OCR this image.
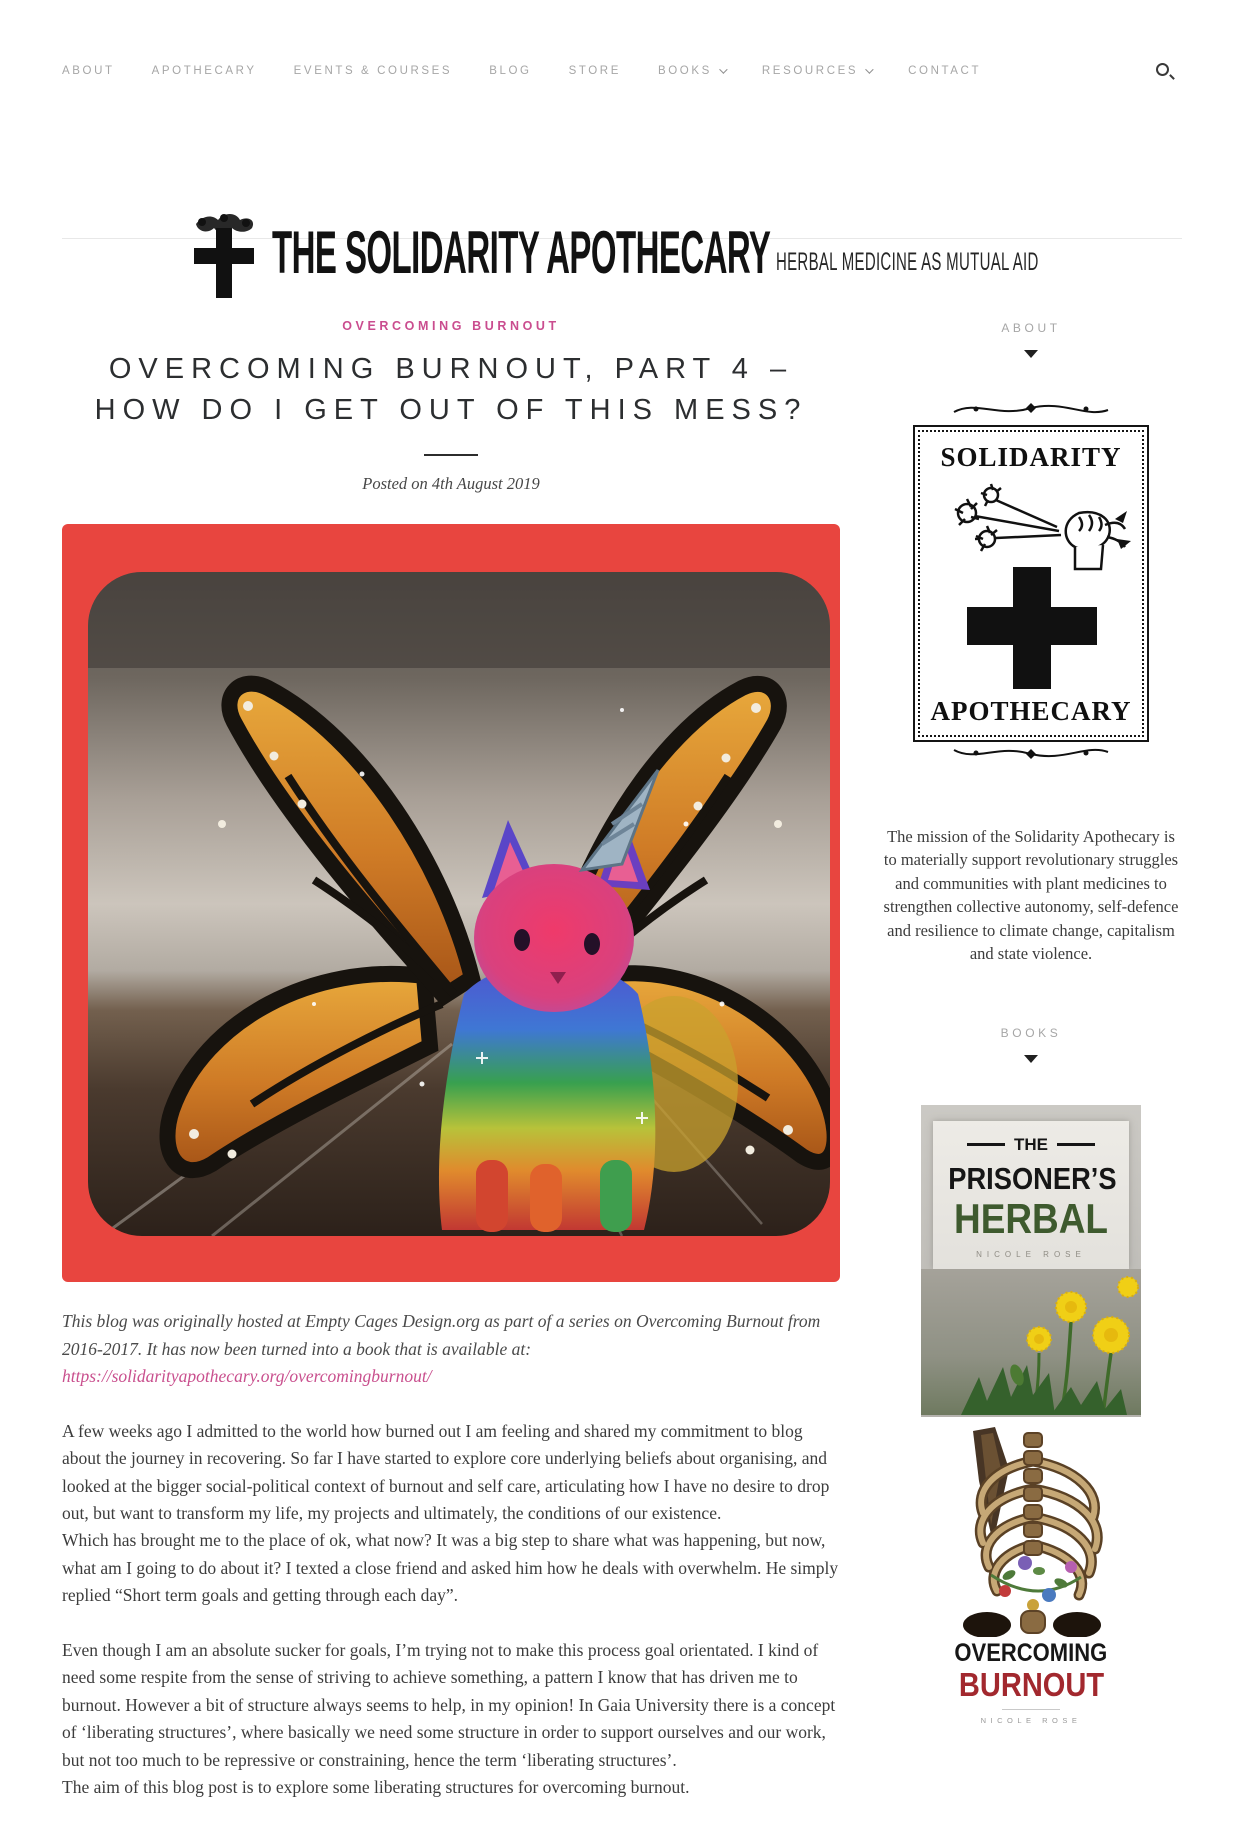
ABOUT	APOTHECARY	EVENTS & COURSES	BLOG	STORE	BOOKS	RESOURCES	CONTACT
THE SOLIDARITY APOTHECARY HERBAL MEDICINE AS MUTUAL AID
OVERCOMING BURNOUT
OVERCOMING BURNOUT, PART 4 –
HOW DO I GET OUT OF THIS MESS?
Posted on 4th August 2019

This blog was originally hosted at Empty Cages Design.org as part of a series on Overcoming Burnout from 2016-2017. It has now been turned into a book that is available at: https://solidarityapothecary.org/overcomingburnout/

A few weeks ago I admitted to the world how burned out I am feeling and shared my commitment to blog about the journey in recovering. So far I have started to explore core underlying beliefs about organising, and looked at the bigger social-political context of burnout and self care, articulating how I have no desire to drop out, but want to transform my life, my projects and ultimately, the conditions of our existence.
Which has brought me to the place of ok, what now? It was a big step to share what was happening, but now, what am I going to do about it? I texted a close friend and asked him how he deals with overwhelm. He simply replied “Short term goals and getting through each day”.

Even though I am an absolute sucker for goals, I’m trying not to make this process goal orientated. I kind of need some respite from the sense of striving to achieve something, a pattern I know that has driven me to burnout. However a bit of structure always seems to help, in my opinion! In Gaia University there is a concept of ‘liberating structures’, where basically we need some structure in order to support ourselves and our work, but not too much to be repressive or constraining, hence the term ‘liberating structures’.
The aim of this blog post is to explore some liberating structures for overcoming burnout.

ABOUT
SOLIDARITY
APOTHECARY
The mission of the Solidarity Apothecary is to materially support revolutionary struggles and communities with plant medicines to strengthen collective autonomy, self-defence and resilience to climate change, capitalism and state violence.
BOOKS
THE
PRISONER’S
HERBAL
NICOLE ROSE
OVERCOMING
BURNOUT
NICOLE ROSE
